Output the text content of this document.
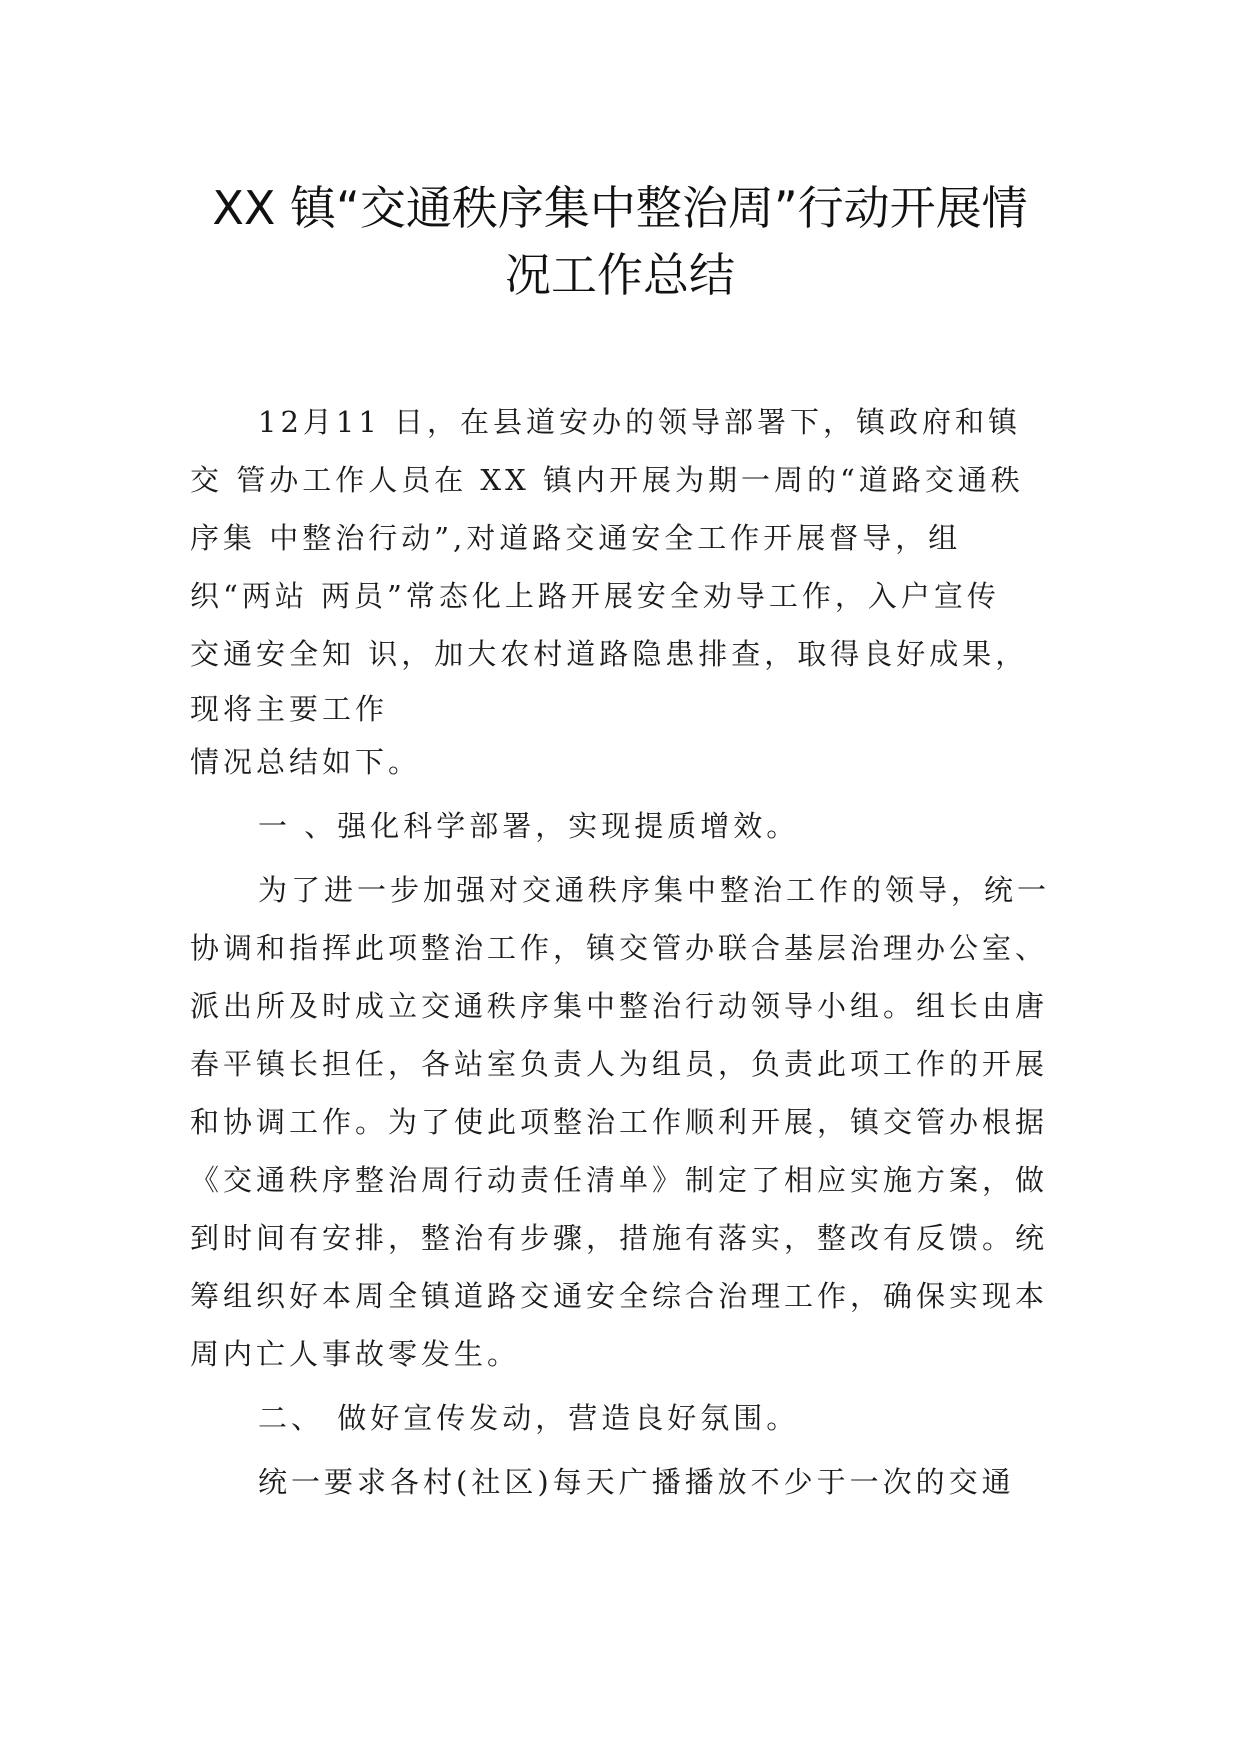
XX 镇“交通秩序集中整治周”行动开展情
况工作总结
12月11 日，在县道安办的领导部署下，镇政府和镇
交 管办工作人员在 XX 镇内开展为期一周的“道路交通秩
序集 中整治行动”,对道路交通安全工作开展督导，组
织“两站 两员”常态化上路开展安全劝导工作，入户宣传
交通安全知 识，加大农村道路隐患排查，取得良好成果，
现将主要工作
情况总结如下。
一 、强化科学部署，实现提质增效。
为了进一步加强对交通秩序集中整治工作的领导，统一
协调和指挥此项整治工作，镇交管办联合基层治理办公室、
派出所及时成立交通秩序集中整治行动领导小组。组长由唐
春平镇长担任，各站室负责人为组员，负责此项工作的开展
和协调工作。为了使此项整治工作顺利开展，镇交管办根据
《交通秩序整治周行动责任清单》制定了相应实施方案，做
到时间有安排，整治有步骤，措施有落实，整改有反馈。统
筹组织好本周全镇道路交通安全综合治理工作，确保实现本
周内亡人事故零发生。
二、 做好宣传发动，营造良好氛围。
统一要求各村(社区)每天广播播放不少于一次的交通
